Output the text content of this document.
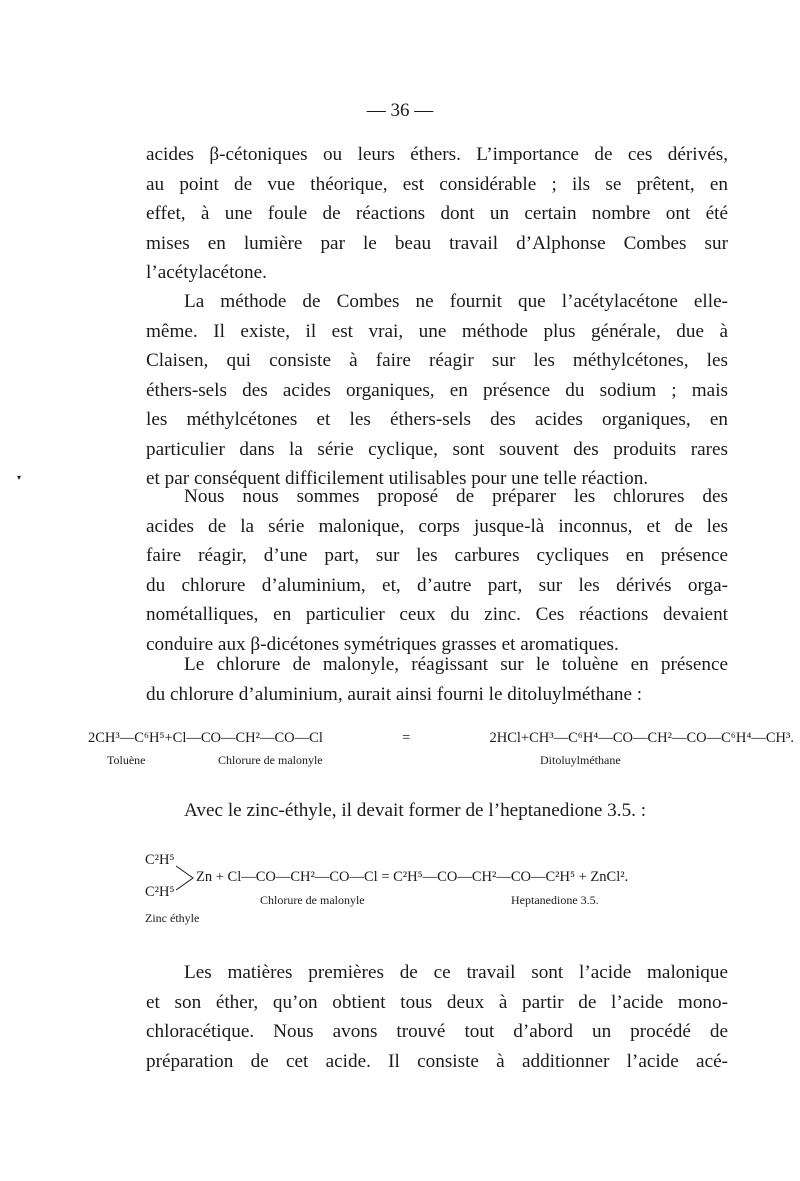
— 36 —
▾
acides β-cétoniques ou leurs éthers. L’importance de ces dérivés,
au point de vue théorique, est considérable ; ils se prêtent, en
effet, à une foule de réactions dont un certain nombre ont été
mises en lumière par le beau travail d’Alphonse Combes sur
l’acétylacétone.
La méthode de Combes ne fournit que l’acétylacétone elle-
même. Il existe, il est vrai, une méthode plus générale, due à
Claisen, qui consiste à faire réagir sur les méthylcétones, les
éthers-sels des acides organiques, en présence du sodium ; mais
les méthylcétones et les éthers-sels des acides organiques, en
particulier dans la série cyclique, sont souvent des produits rares
et par conséquent difficilement utilisables pour une telle réaction.
Nous nous sommes proposé de préparer les chlorures des
acides de la série malonique, corps jusque-là inconnus, et de les
faire réagir, d’une part, sur les carbures cycliques en présence
du chlorure d’aluminium, et, d’autre part, sur les dérivés orga-
nométalliques, en particulier ceux du zinc. Ces réactions devaient
conduire aux β-dicétones symétriques grasses et aromatiques.
Le chlorure de malonyle, réagissant sur le toluène en présence
du chlorure d’aluminium, aurait ainsi fourni le ditoluylméthane :
2CH³—C⁶H⁵+Cl—CO—CH²—CO—Cl = 2HCl+CH³—C⁶H⁴—CO—CH²—CO—C⁶H⁴—CH³.
Toluène	Chlorure de malonyle	Ditoluylméthane
Avec le zinc-éthyle, il devait former de l’heptanedione 3.5. :
C²H⁵
C²H⁵
Zn + Cl—CO—CH²—CO—Cl = C²H⁵—CO—CH²—CO—C²H⁵ + ZnCl².
Zinc éthyle
Chlorure de malonyle	Heptanedione 3.5.
Les matières premières de ce travail sont l’acide malonique
et son éther, qu’on obtient tous deux à partir de l’acide mono-
chloracétique. Nous avons trouvé tout d’abord un procédé de
préparation de cet acide. Il consiste à additionner l’acide acé-
